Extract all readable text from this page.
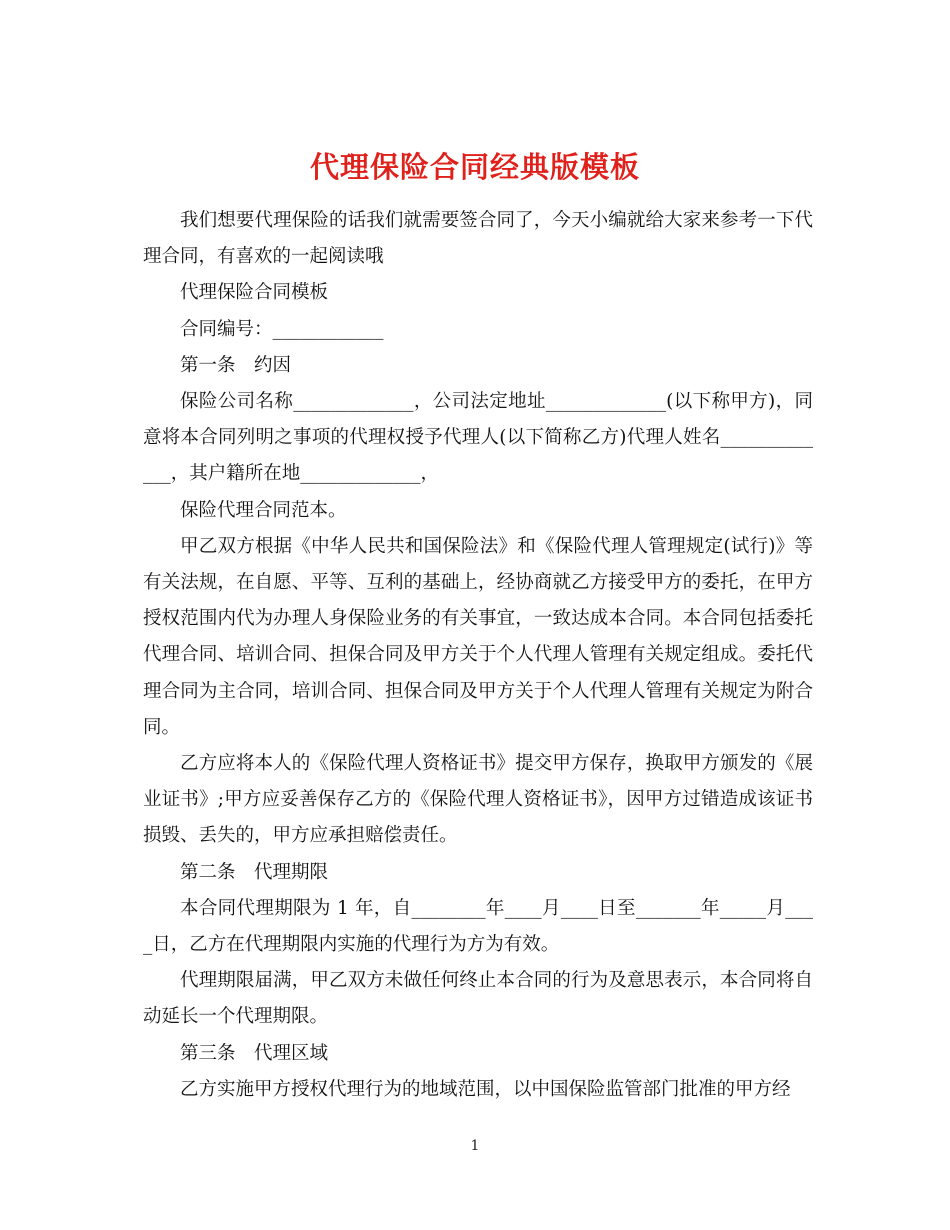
代理保险合同经典版模板

我们想要代理保险的话我们就需要签合同了，今天小编就给大家来参考一下代理合同，有喜欢的一起阅读哦

代理保险合同模板

合同编号：____________

第一条　约因

保险公司名称_____________，公司法定地址_____________(以下称甲方)，同意将本合同列明之事项的代理权授予代理人(以下简称乙方)代理人姓名_____________，其户籍所在地_____________，

保险代理合同范本。

甲乙双方根据《中华人民共和国保险法》和《保险代理人管理规定(试行)》等有关法规，在自愿、平等、互利的基础上，经协商就乙方接受甲方的委托，在甲方授权范围内代为办理人身保险业务的有关事宜，一致达成本合同。本合同包括委托代理合同、培训合同、担保合同及甲方关于个人代理人管理有关规定组成。委托代理合同为主合同，培训合同、担保合同及甲方关于个人代理人管理有关规定为附合同。

乙方应将本人的《保险代理人资格证书》提交甲方保存，换取甲方颁发的《展业证书》;甲方应妥善保存乙方的《保险代理人资格证书》，因甲方过错造成该证书损毁、丢失的，甲方应承担赔偿责任。

第二条　代理期限

本合同代理期限为 1 年，自________年____月____日至_______年_____月____日，乙方在代理期限内实施的代理行为方为有效。

代理期限届满，甲乙双方未做任何终止本合同的行为及意思表示，本合同将自动延长一个代理期限。

第三条　代理区域

乙方实施甲方授权代理行为的地域范围，以中国保险监管部门批准的甲方经

1
